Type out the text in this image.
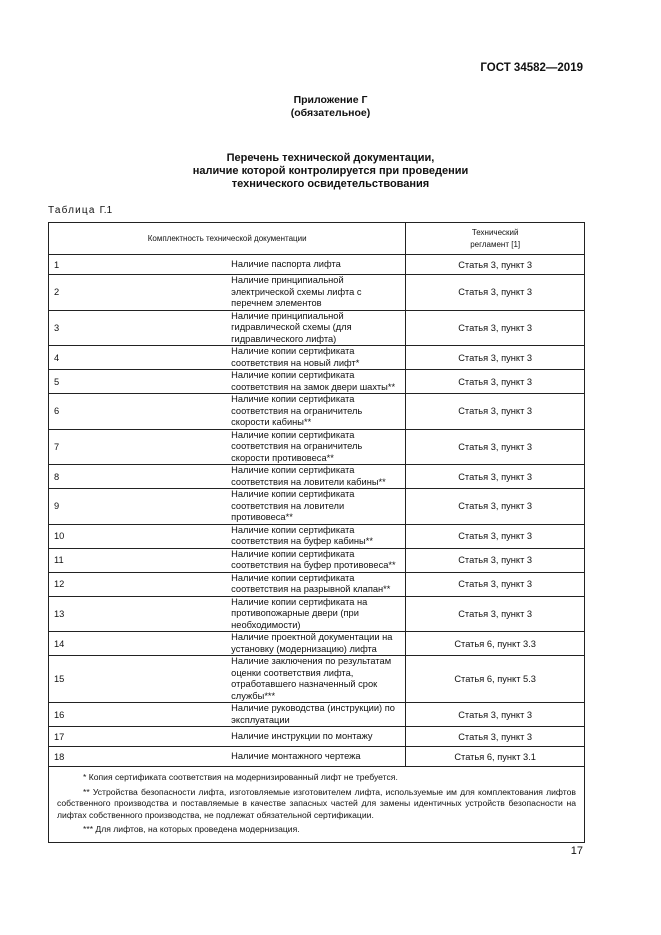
ГОСТ 34582—2019
Приложение Г
(обязательное)
Перечень технической документации,
наличие которой контролируется при проведении
технического освидетельствования
Таблица Г.1
Комплектность технической документации		Технический
регламент [1]

1	Наличие паспорта лифта	Статья 3, пункт 3
2	Наличие принципиальной электрической схемы лифта с перечнем элементов	Статья 3, пункт 3
3	Наличие принципиальной гидравлической схемы (для гидравлического лифта)	Статья 3, пункт 3
4	Наличие копии сертификата соответствия на новый лифт*	Статья 3, пункт 3
5	Наличие копии сертификата соответствия на замок двери шахты**	Статья 3, пункт 3
6	Наличие копии сертификата соответствия на ограничитель скорости кабины**	Статья 3, пункт 3
7	Наличие копии сертификата соответствия на ограничитель скорости противовеса**	Статья 3, пункт 3
8	Наличие копии сертификата соответствия на ловители кабины**	Статья 3, пункт 3
9	Наличие копии сертификата соответствия на ловители противовеса**	Статья 3, пункт 3
10	Наличие копии сертификата соответствия на буфер кабины**	Статья 3, пункт 3
11	Наличие копии сертификата соответствия на буфер противовеса**	Статья 3, пункт 3
12	Наличие копии сертификата соответствия на разрывной клапан**	Статья 3, пункт 3
13	Наличие копии сертификата на противопожарные двери (при необходимости)	Статья 3, пункт 3
14	Наличие проектной документации на установку (модернизацию) лифта	Статья 6, пункт 3.3
15	Наличие заключения по результатам оценки соответствия лифта, отработавшего назначенный срок службы***	Статья 6, пункт 5.3
16	Наличие руководства (инструкции) по эксплуатации	Статья 3, пункт 3
17	Наличие инструкции по монтажу	Статья 3, пункт 3
18	Наличие монтажного чертежа	Статья 6, пункт 3.1

* Копия сертификата соответствия на модернизированный лифт не требуется.

** Устройства безопасности лифта, изготовляемые изготовителем лифта, используемые им для комплектования лифтов собственного производства и поставляемые в качестве запасных частей для замены идентичных устройств безопасности на лифтах собственного производства, не подлежат обязательной сертификации.

*** Для лифтов, на которых проведена модернизация.		

17
